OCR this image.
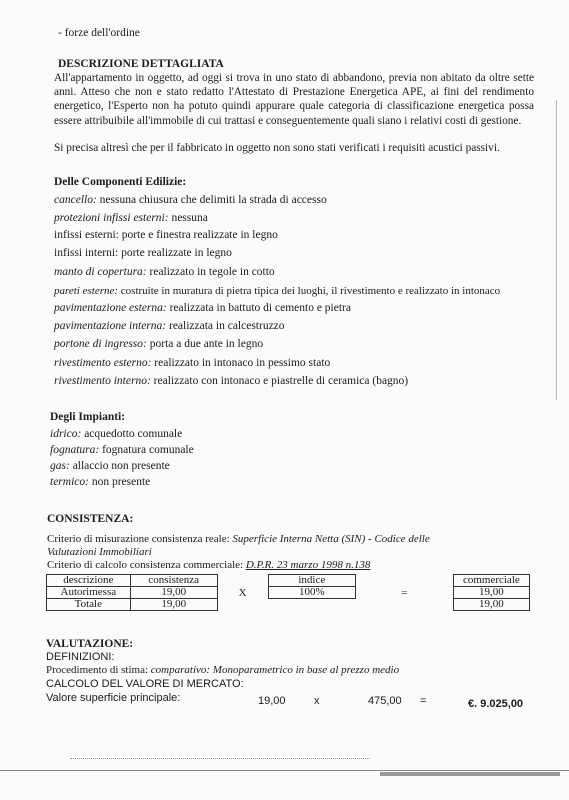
- forze dell'ordine
DESCRIZIONE DETTAGLIATA
All'appartamento in oggetto, ad oggi si trova in uno stato di abbandono, previa non abitato da oltre sette anni. Atteso che non e stato redatto l'Attestato di Prestazione Energetica APE, ai fini del rendimento energetico, l'Esperto non ha potuto quindi appurare quale categoria di classificazione energetica possa essere attribuibile all'immobile di cui trattasi e conseguentemente quali siano i relativi costi di gestione.
Si precisa altresì che per il fabbricato in oggetto non sono stati verificati i requisiti acustici passivi.
Delle Componenti Edilizie:
cancello: nessuna chiusura che delimiti la strada di accesso
protezioni infissi esterni: nessuna
infissi esterni: porte e finestra realizzate in legno
infissi interni: porte realizzate in legno
manto di copertura: realizzato in tegole in cotto
pareti esterne: costruite in muratura di pietra tipica dei luoghi, il rivestimento e realizzato in intonaco
pavimentazione esterna: realizzata in battuto di cemento e pietra
pavimentazione interna: realizzata in calcestruzzo
portone di ingresso: porta a due ante in legno
rivestimento esterno: realizzato in intonaco in pessimo stato
rivestimento interno: realizzato con intonaco e piastrelle di ceramica (bagno)
Degli Impianti:
idrico: acquedotto comunale
fognatura: fognatura comunale
gas: allaccio non presente
termico: non presente
CONSISTENZA:
Criterio di misurazione consistenza reale: Superficie Interna Netta (SIN) - Codice delle
Valutazioni Immobiliari
Criterio di calcolo consistenza commerciale: D.P.R. 23 marzo 1998 n.138
descrizione	consistenza		indice		commerciale
Autorimessa	19,00	X	100%	=	19,00
Totale	19,00				19,00
VALUTAZIONE:
DEFINIZIONI:
Procedimento di stima: comparativo: Monoparametrico in base al prezzo medio
CALCOLO DEL VALORE DI MERCATO:
Valore superficie principale:	19,00	x	475,00 =	€. 9.025,00
